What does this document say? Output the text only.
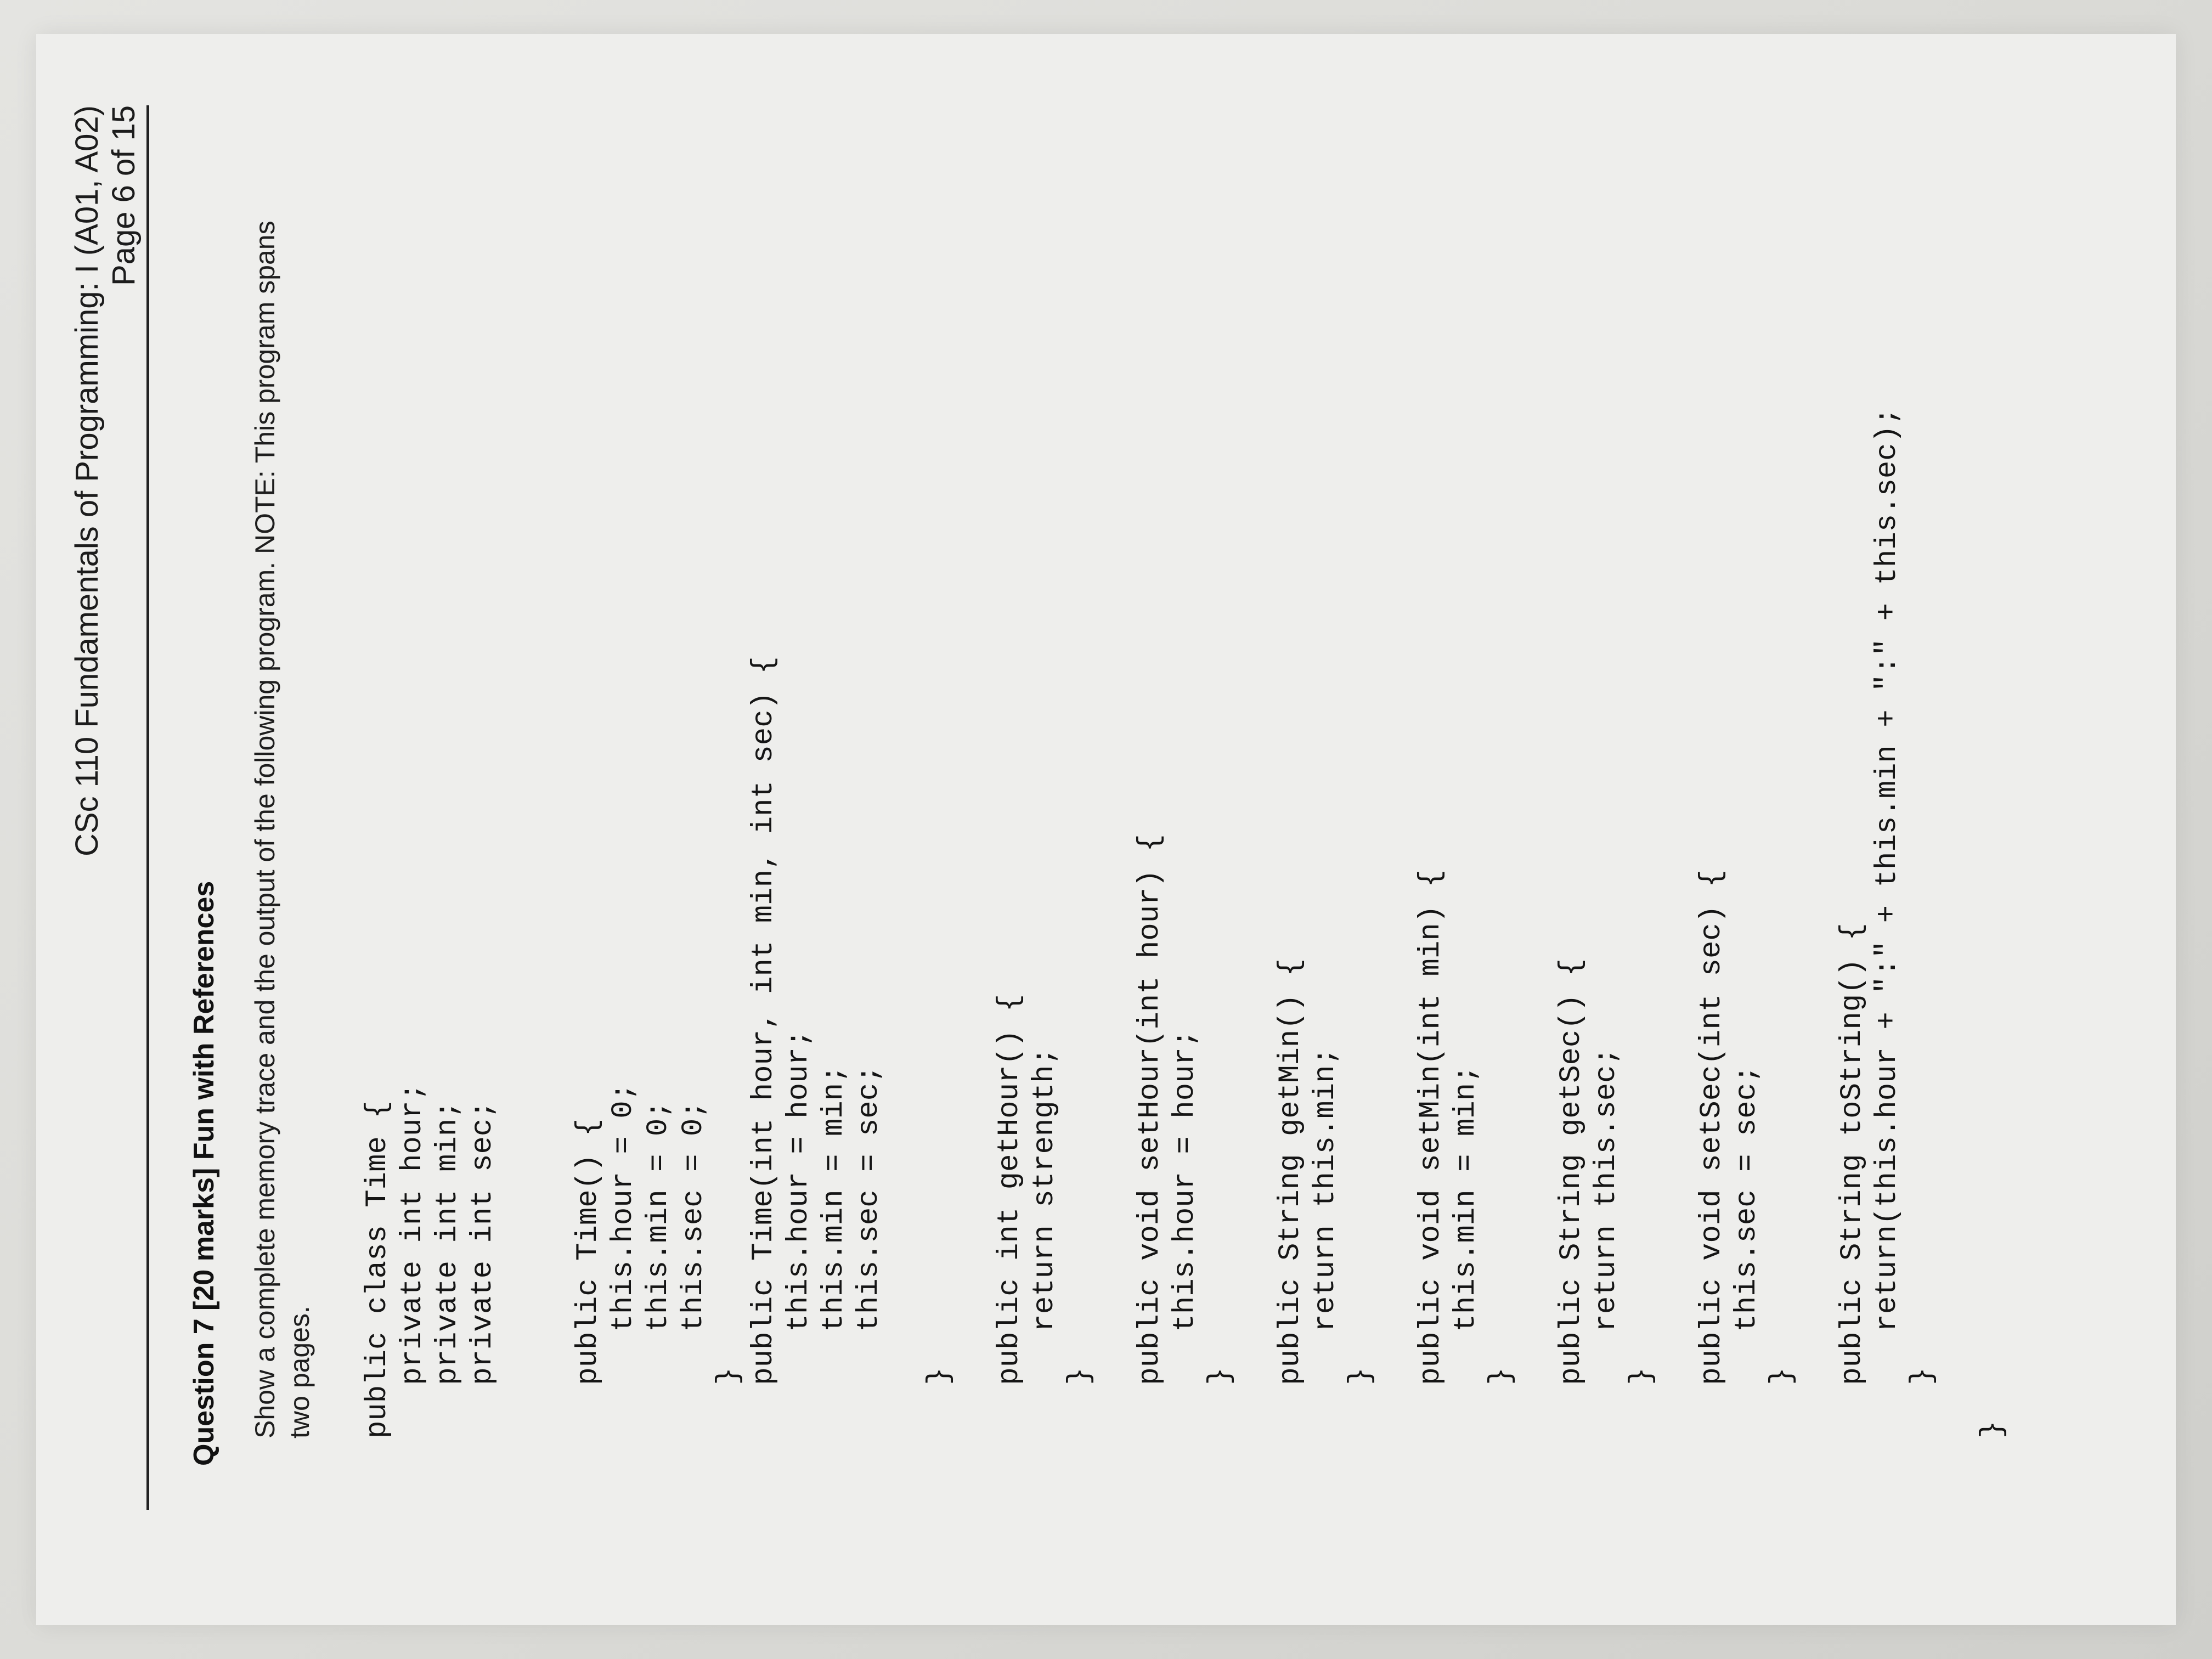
CSc 110 Fundamentals of Programming: I (A01, A02) Page 6 of 15
Question 7 [20 marks] Fun with References Show a complete memory trace and the output of the following program. NOTE: This program spans two pages. public class Time { private int hour; private int min; private int sec; public Time() { this.hour = 0; this.min = 0; this.sec = 0; } public Time(int hour, int min, int sec) { this.hour = hour; this.min = min; this.sec = sec; } public int getHour() { return strength; } public void setHour(int hour) { this.hour = hour; } public String getMin() { return this.min; } public void setMin(int min) { this.min = min; } public String getSec() { return this.sec; } public void setSec(int sec) { this.sec = sec; } public String toString() { return(this.hour + ":" + this.min + ":" + this.sec); } }
